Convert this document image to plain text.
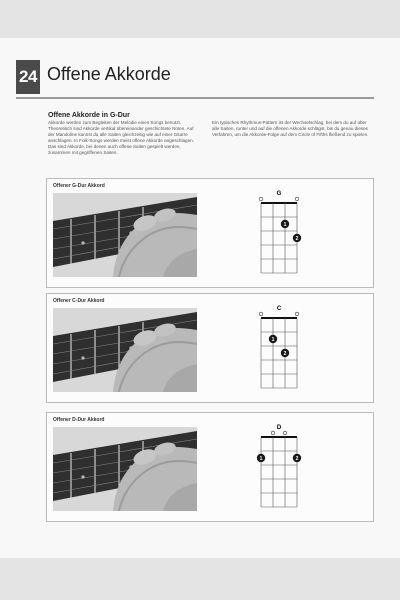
24 Offene Akkorde
Offene Akkorde in G-Dur
Akkorde werden zum Begleiten der Melodie eines Songs benutzt. Theoretisch sind Akkorde vertikal übereinander geschichtete Noten. Auf der Mandoline kannst du alle Saiten gleichzeitig wie auf einer Gitarre anschlagen. In Folk-Songs werden meist offene Akkorde angeschlagen. Das sind Akkorde, bei denen auch offene Saiten gespielt werden, zusammen mit gegriffenen Saiten.
Ein typisches Rhythmus-Pattern ist der Wechselschlag, bei dem du auf über alle Saiten, runter und auf die offenen Akkorde schlägst, bis du genau dieses Verfahren, um die Akkorde-Folge auf dem Circle of Fifths fließend zu spielen.
Offener G-Dur Akkord
G
1
2
Offener C-Dur Akkord
C
1
2
Offener D-Dur Akkord
D
1	2
